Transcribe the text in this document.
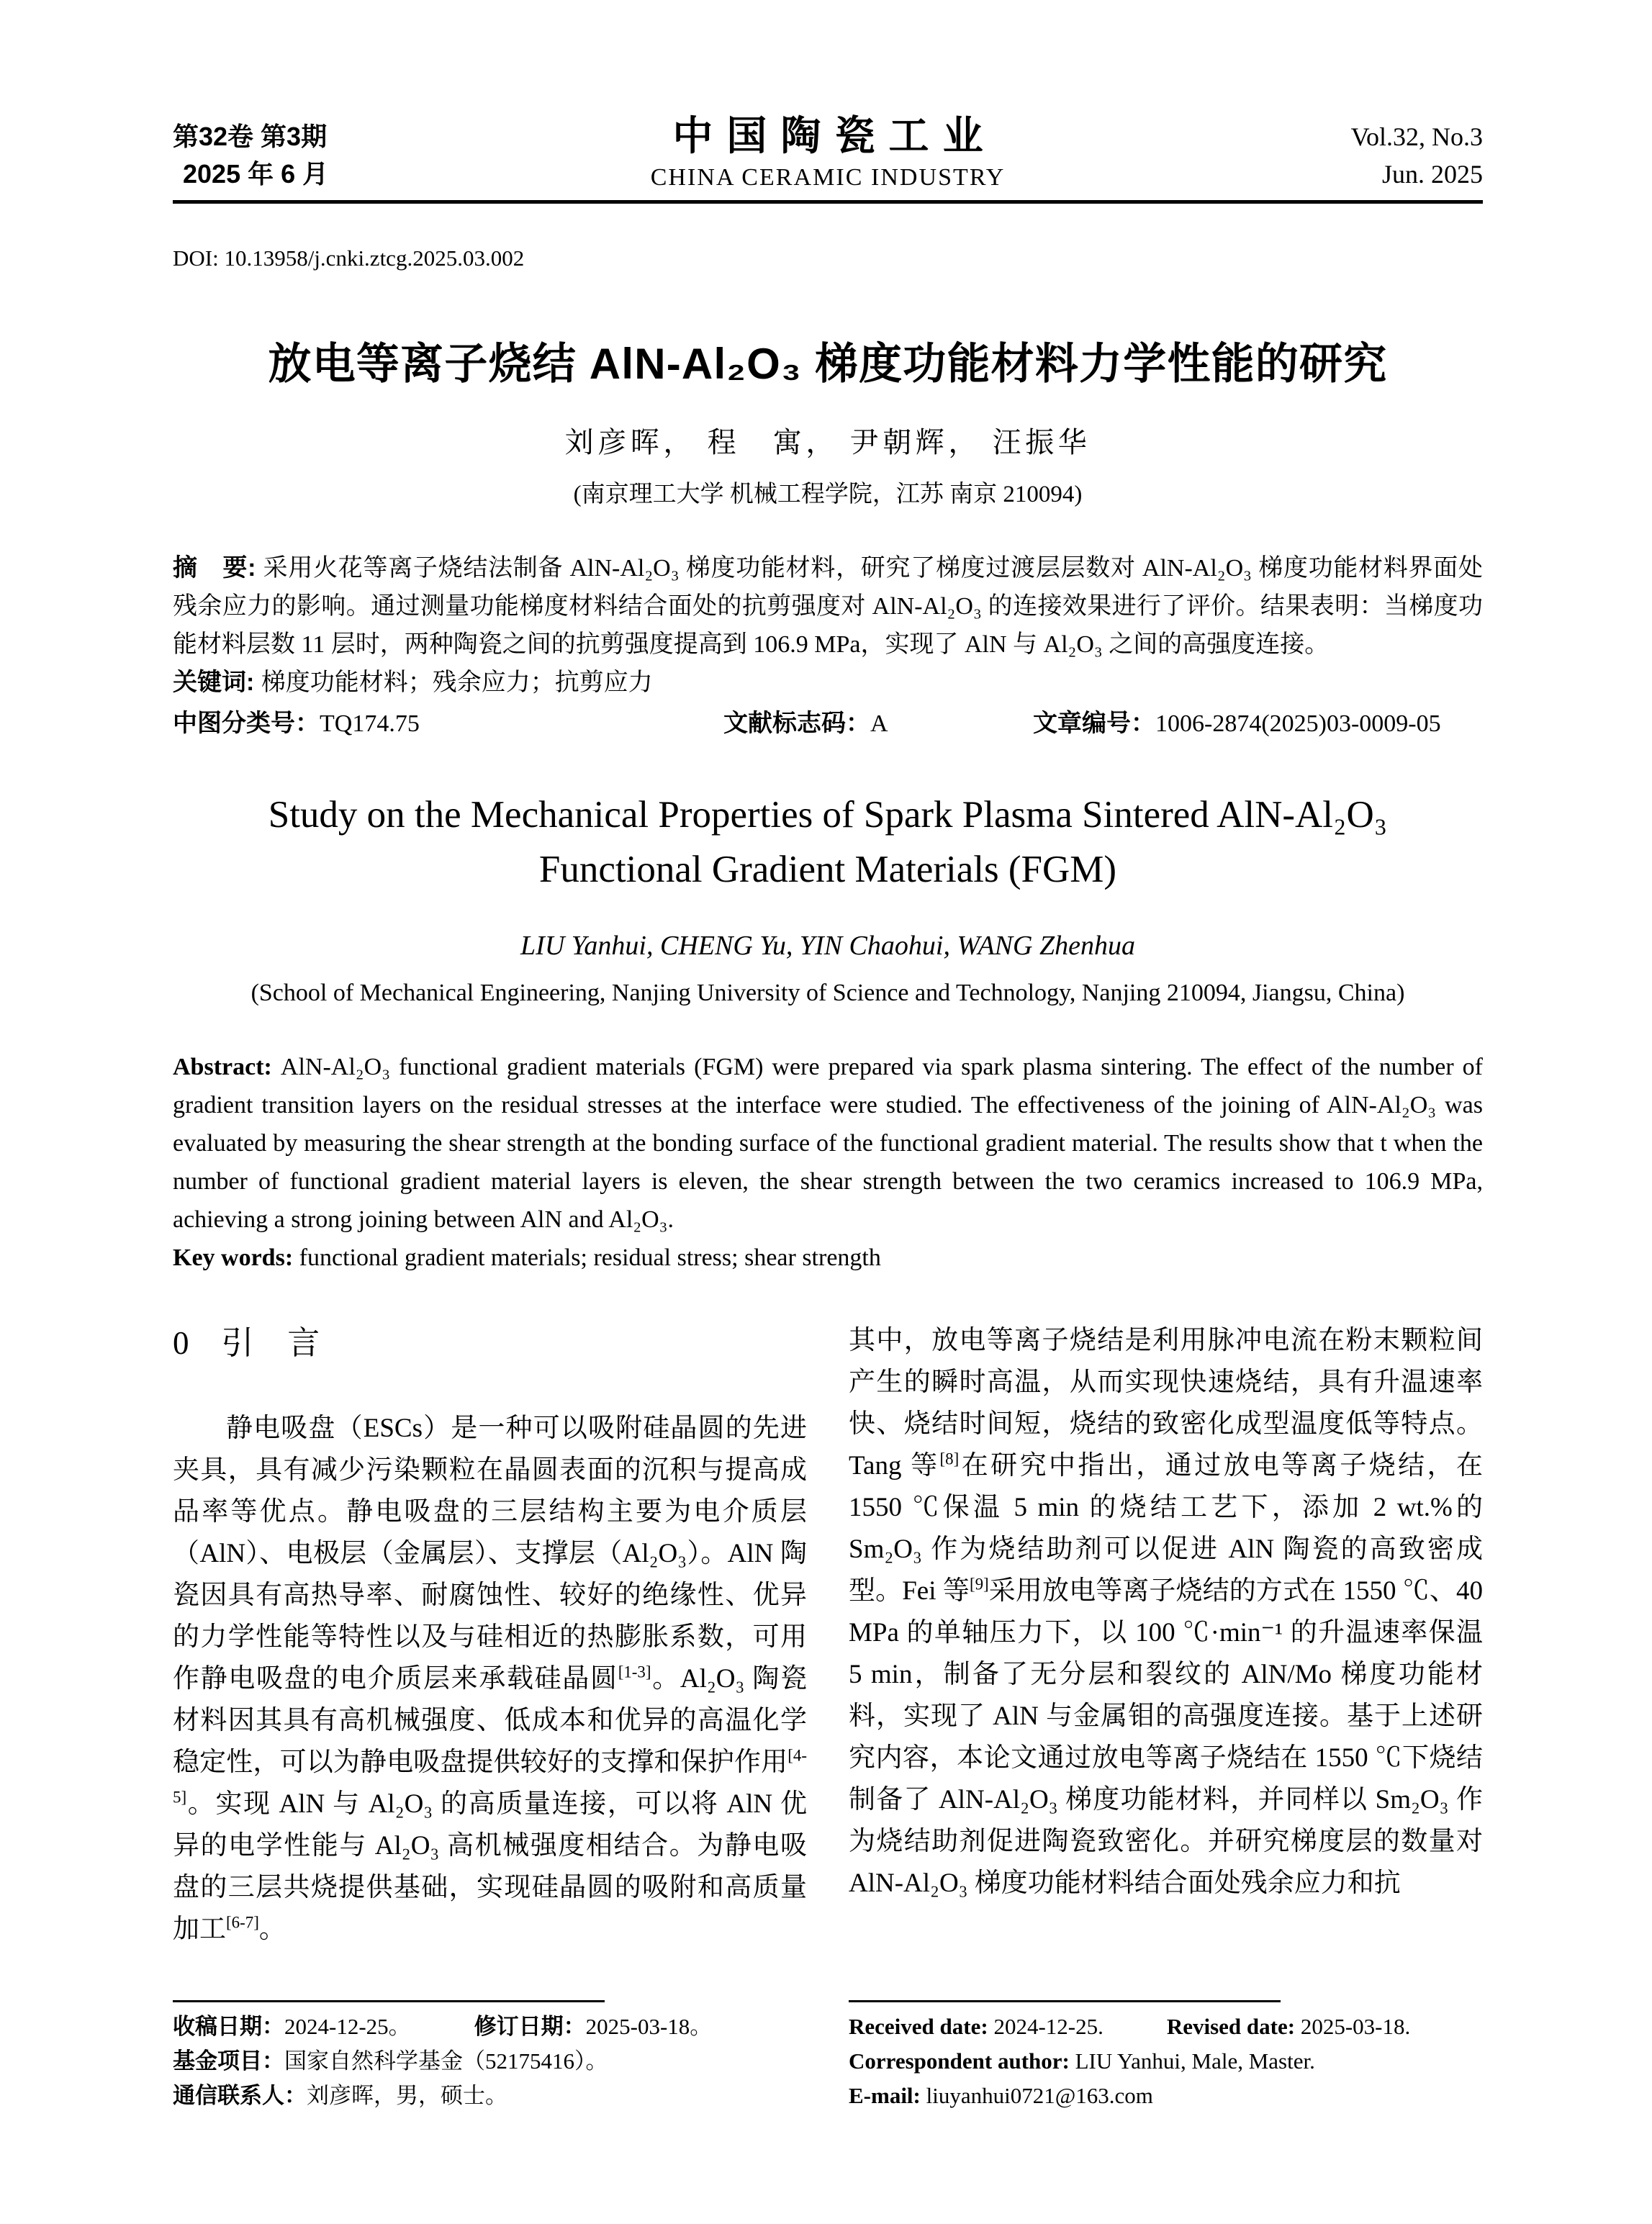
第32卷 第3期
2025 年 6 月
中国陶瓷工业
CHINA CERAMIC INDUSTRY
Vol.32, No.3
Jun. 2025
DOI: 10.13958/j.cnki.ztcg.2025.03.002
放电等离子烧结 AlN-Al₂O₃ 梯度功能材料力学性能的研究
刘彦晖， 程　寓， 尹朝辉， 汪振华
(南京理工大学 机械工程学院，江苏 南京 210094)

摘　要: 采用火花等离子烧结法制备 AlN-Al₂O₃ 梯度功能材料，研究了梯度过渡层层数对 AlN-Al₂O₃ 梯度功能材料界面处残余应力的影响。通过测量功能梯度材料结合面处的抗剪强度对 AlN-Al₂O₃ 的连接效果进行了评价。结果表明：当梯度功能材料层数 11 层时，两种陶瓷之间的抗剪强度提高到 106.9 MPa，实现了 AlN 与 Al₂O₃ 之间的高强度连接。

关键词: 梯度功能材料；残余应力；抗剪应力

中图分类号：TQ174.75	文献标志码：A	文章编号：1006-2874(2025)03-0009-05
Study on the Mechanical Properties of Spark Plasma Sintered AlN-Al₂O₃
Functional Gradient Materials (FGM)
LIU Yanhui, CHENG Yu, YIN Chaohui, WANG Zhenhua
(School of Mechanical Engineering, Nanjing University of Science and Technology, Nanjing 210094, Jiangsu, China)

Abstract: AlN-Al₂O₃ functional gradient materials (FGM) were prepared via spark plasma sintering. The effect of the number of gradient transition layers on the residual stresses at the interface were studied. The effectiveness of the joining of AlN-Al₂O₃ was evaluated by measuring the shear strength at the bonding surface of the functional gradient material. The results show that t when the number of functional gradient material layers is eleven, the shear strength between the two ceramics increased to 106.9 MPa, achieving a strong joining between AlN and Al₂O₃.

Key words: functional gradient materials; residual stress; shear strength

0 引　言

静电吸盘（ESCs）是一种可以吸附硅晶圆的先进夹具，具有减少污染颗粒在晶圆表面的沉积与提高成品率等优点。静电吸盘的三层结构主要为电介质层（AlN）、电极层（金属层）、支撑层（Al₂O₃）。AlN 陶瓷因具有高热导率、耐腐蚀性、较好的绝缘性、优异的力学性能等特性以及与硅相近的热膨胀系数，可用作静电吸盘的电介质层来承载硅晶圆[1-3]。Al₂O₃ 陶瓷材料因其具有高机械强度、低成本和优异的高温化学稳定性，可以为静电吸盘提供较好的支撑和保护作用[4-5]。实现 AlN 与 Al₂O₃ 的高质量连接，可以将 AlN 优异的电学性能与 Al₂O₃ 高机械强度相结合。为静电吸盘的三层共烧提供基础，实现硅晶圆的吸附和高质量加工[6-7]。

收稿日期：2024-12-25。	修订日期：2025-03-18。
基金项目：国家自然科学基金（52175416）。
通信联系人：刘彦晖，男，硕士。

其中，放电等离子烧结是利用脉冲电流在粉末颗粒间产生的瞬时高温，从而实现快速烧结，具有升温速率快、烧结时间短，烧结的致密化成型温度低等特点。Tang 等[8]在研究中指出，通过放电等离子烧结，在 1550 ℃保温 5 min 的烧结工艺下，添加 2 wt.%的 Sm₂O₃ 作为烧结助剂可以促进 AlN 陶瓷的高致密成型。Fei 等[9]采用放电等离子烧结的方式在 1550 ℃、40 MPa 的单轴压力下，以 100 ℃·min⁻¹ 的升温速率保温 5 min，制备了无分层和裂纹的 AlN/Mo 梯度功能材料，实现了 AlN 与金属钼的高强度连接。基于上述研究内容，本论文通过放电等离子烧结在 1550 ℃下烧结制备了 AlN-Al₂O₃ 梯度功能材料，并同样以 Sm₂O₃ 作为烧结助剂促进陶瓷致密化。并研究梯度层的数量对 AlN-Al₂O₃ 梯度功能材料结合面处残余应力和抗

Received date: 2024-12-25.	Revised date: 2025-03-18.
Correspondent author: LIU Yanhui, Male, Master.
E-mail: liuyanhui0721@163.com
